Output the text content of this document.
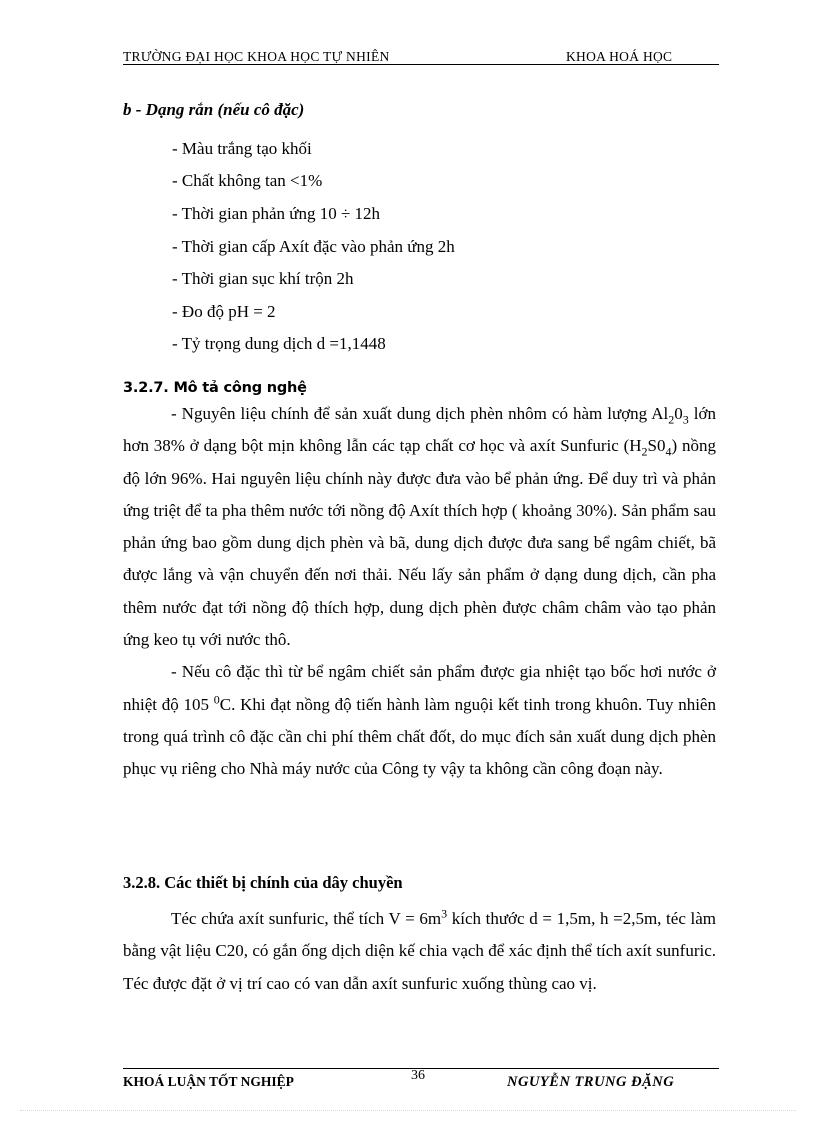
TRƯỜNG ĐẠI HỌC KHOA HỌC TỰ NHIÊN	KHOA HOÁ HỌC
b - Dạng rắn (nếu cô đặc)
- Màu trắng tạo khối
- Chất không tan <1%
- Thời gian phản ứng 10 ÷ 12h
- Thời gian cấp Axít đặc vào phản ứng 2h
- Thời gian sục khí trộn 2h
- Đo độ pH = 2
- Tỷ trọng dung dịch d =1,1448
3.2.7. Mô tả công nghệ

- Nguyên liệu chính để sản xuất dung dịch phèn nhôm có hàm lượng $Al_20_3$ lớn hơn 38% ở dạng bột mịn không lẫn các tạp chất cơ học và axít Sunfuric $(H_2S0_4)$ nồng độ lớn 96%. Hai nguyên liệu chính này được đưa vào bể phản ứng. Để duy trì và phản ứng triệt để ta pha thêm nước tới nồng độ Axít thích hợp ( khoảng 30%). Sản phẩm sau phản ứng bao gồm dung dịch phèn và bã, dung dịch được đưa sang bể ngâm chiết, bã được lắng và vận chuyển đến nơi thải. Nếu lấy sản phẩm ở dạng dung dịch, cần pha thêm nước đạt tới nồng độ thích hợp, dung dịch phèn được châm châm vào tạo phản ứng keo tụ với nước thô.

- Nếu cô đặc thì từ bể ngâm chiết sản phẩm được gia nhiệt tạo bốc hơi nước ở nhiệt độ 105 $^0$C. Khi đạt nồng độ tiến hành làm nguội kết tinh trong khuôn. Tuy nhiên trong quá trình cô đặc cần chi phí thêm chất đốt, do mục đích sản xuất dung dịch phèn phục vụ riêng cho Nhà máy nước của Công ty vậy ta không cần công đoạn này.

3.2.8. Các thiết bị chính của dây chuyền

Téc chứa axít sunfuric, thể tích $V = 6m^3$ kích thước d = 1,5m, h =2,5m, téc làm bằng vật liệu C20, có gắn ống dịch diện kế chia vạch để xác định thể tích axít sunfuric. Téc được đặt ở vị trí cao có van dẫn axít sunfuric xuống thùng cao vị.

KHOÁ LUẬN TỐT NGHIỆP	36	NGUYỄN TRUNG ĐẶNG
